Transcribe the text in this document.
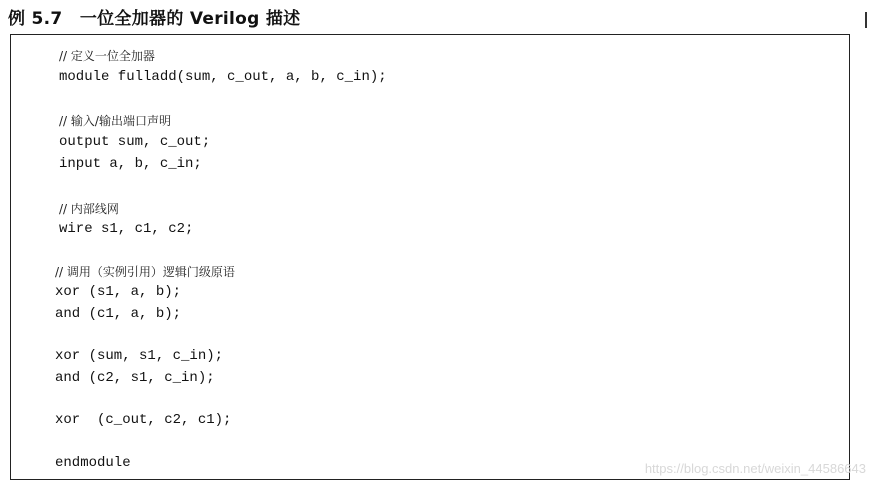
例 5.7　一位全加器的 Verilog 描述
// 定义一位全加器
module fulladd(sum, c_out, a, b, c_in);
// 输入/输出端口声明
output sum, c_out;
input a, b, c_in;
// 内部线网
wire s1, c1, c2;
// 调用（实例引用）逻辑门级原语
xor (s1, a, b);
and (c1, a, b);
xor (sum, s1, c_in);
and (c2, s1, c_in);
xor  (c_out, c2, c1);
endmodule	https://blog.csdn.net/weixin_44586643
